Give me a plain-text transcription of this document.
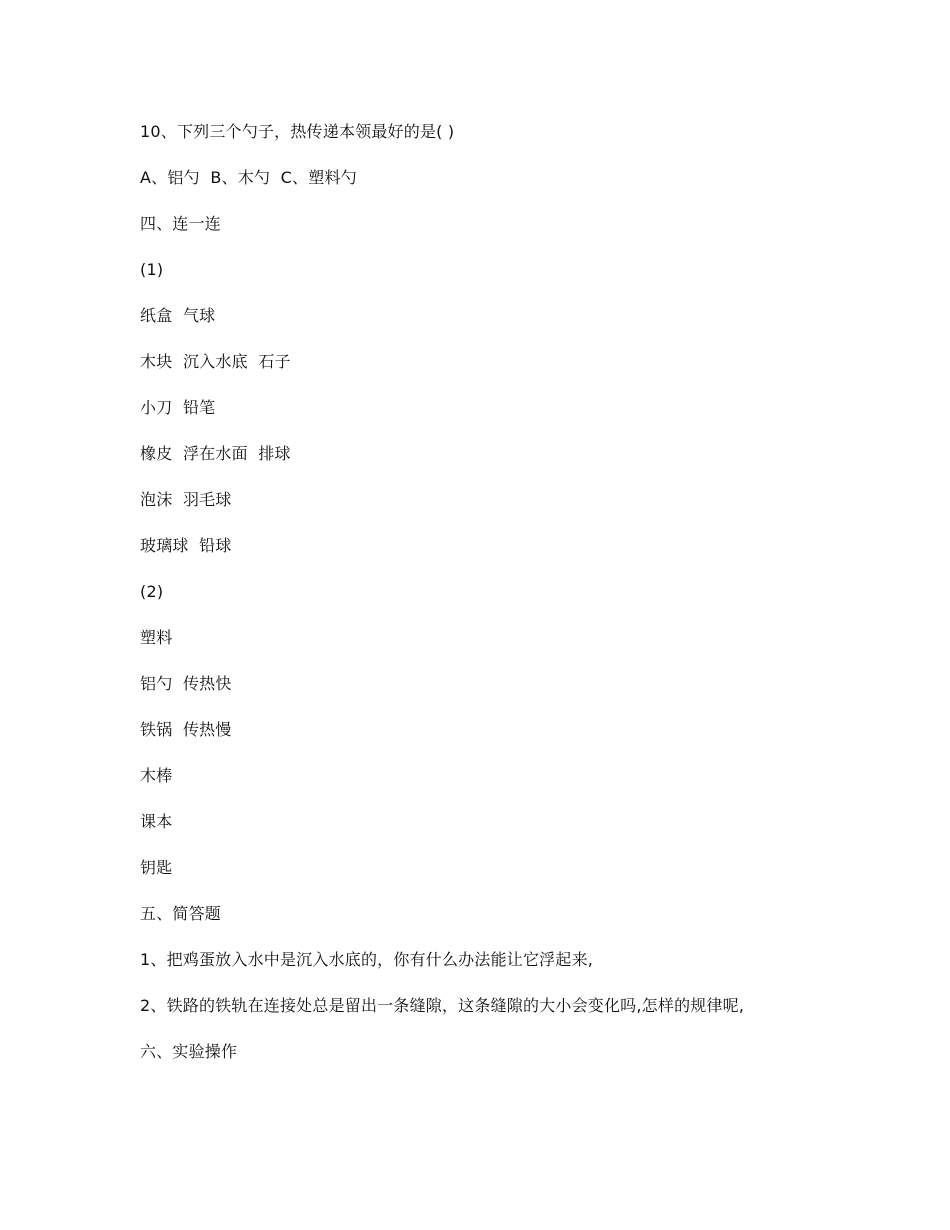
10、下列三个勺子，热传递本领最好的是( )

A、铝勺  B、木勺  C、塑料勺

四、连一连

(1)

纸盒  气球

木块  沉入水底  石子

小刀  铅笔

橡皮  浮在水面  排球

泡沫  羽毛球

玻璃球  铅球

(2)

塑料

铝勺  传热快

铁锅  传热慢

木棒

课本

钥匙

五、简答题

1、把鸡蛋放入水中是沉入水底的，你有什么办法能让它浮起来,

2、铁路的铁轨在连接处总是留出一条缝隙，这条缝隙的大小会变化吗,怎样的规律呢,

六、实验操作
